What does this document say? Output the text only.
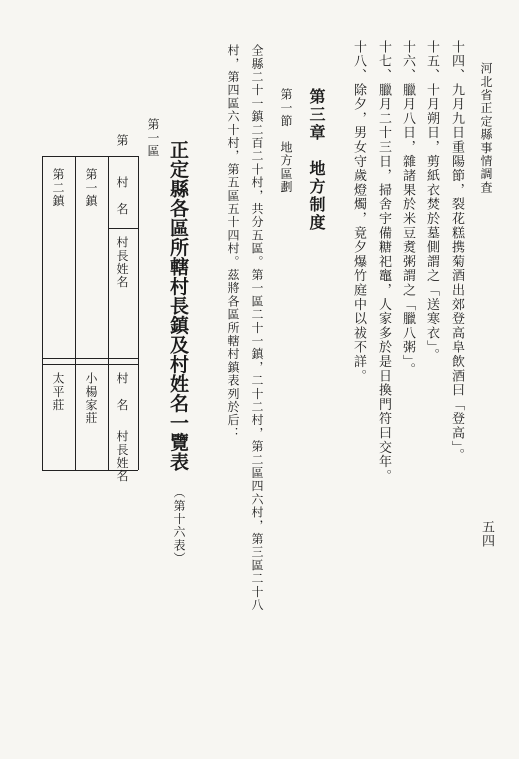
河北省正定縣事情調査
五四
十四、九月九日重陽節，裂花糕携菊酒出郊登高阜飲酒曰「登高」。
十五、十月朔日，剪紙衣焚於墓側謂之「送寒衣」。
十六、臘月八日，雜諸果於米豆煑粥謂之「臘八粥」。
十七、臘月二十三日，掃舍宇備糖祀竈，人家多於是日換門符曰交年。
十八、除夕，男女守歲燈燭，竟夕爆竹庭中以祓不詳。
第三章　地方制度
第一節　地方區劃
全縣二十一鎮二百二十村，共分五區。第一區二十一鎮，二十二村，第二區四六村，第三區二十八
村，第四區六十村，第五區五十四村。茲將各區所轄村鎮表列於后：
正定縣各區所轄村長鎮及村姓名一覽表
（第十六表）
第一區
第
村　名
村長姓名
村　名
村長姓名
第一鎮
第二鎮
小楊家莊
太平莊
